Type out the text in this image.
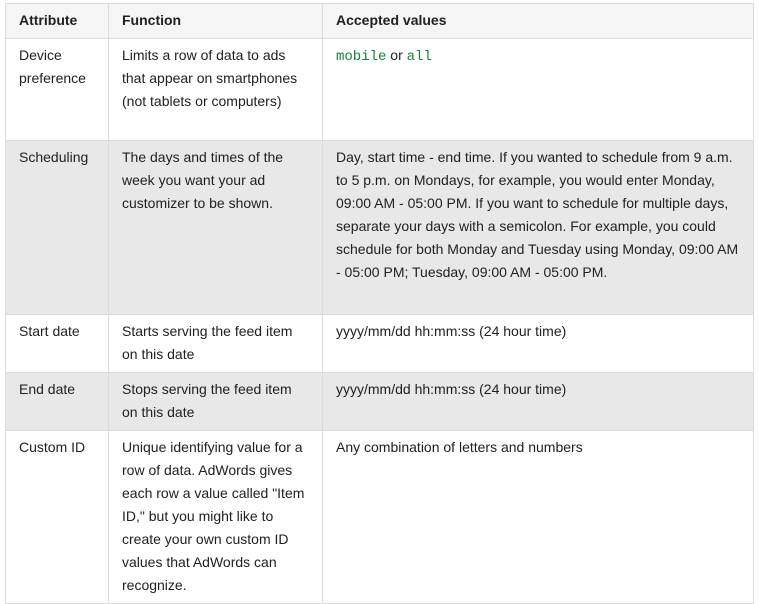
Attribute	Function	Accepted values
Device preference	Limits a row of data to ads that appear on smartphones (not tablets or computers)	mobile or all
Scheduling	The days and times of the week you want your ad customizer to be shown.	Day, start time - end time. If you wanted to schedule from 9 a.m. to 5 p.m. on Mondays, for example, you would enter Monday, 09:00 AM - 05:00 PM. If you want to schedule for multiple days, separate your days with a semicolon. For example, you could schedule for both Monday and Tuesday using Monday, 09:00 AM - 05:00 PM; Tuesday, 09:00 AM - 05:00 PM.
Start date	Starts serving the feed item on this date	yyyy/mm/dd hh:mm:ss (24 hour time)
End date	Stops serving the feed item on this date	yyyy/mm/dd hh:mm:ss (24 hour time)
Custom ID	Unique identifying value for a row of data. AdWords gives each row a value called "Item ID," but you might like to create your own custom ID values that AdWords can recognize.	Any combination of letters and numbers
